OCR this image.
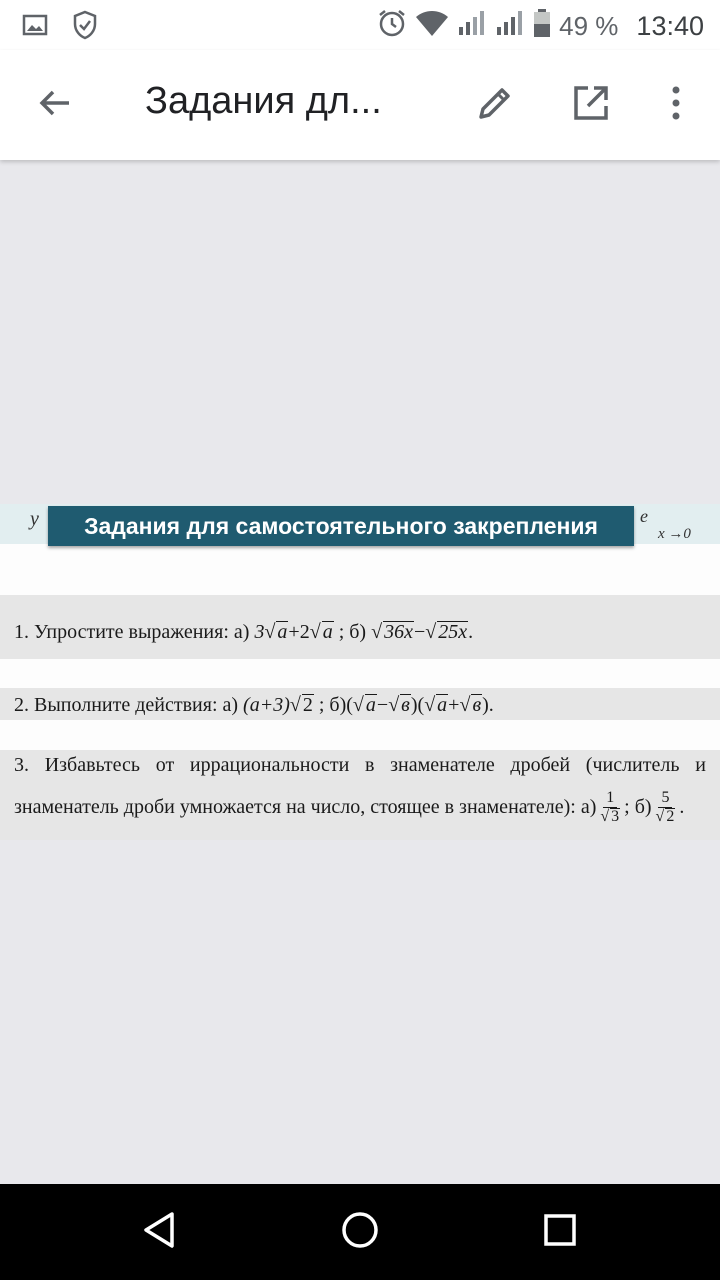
49 % 13:40
Задания дл...
y	e
x →0
Задания для самостоятельного закрепления
1. Упростите выражения: а) 3√ a+2√ a ; б) √ 36x−√ 25x.
2. Выполните действия: а) (a+3)√ 2 ; б)(√ a−√ в)(√ a+√ в).
3. Избавьтесь от иррациональности в знаменателе дробей (числитель и
знаменатель дроби умножается на число, стоящее в знаменателе): $а) \frac{1}{√ 3}$ ; $б) \frac{5}{√ 2}$ .
